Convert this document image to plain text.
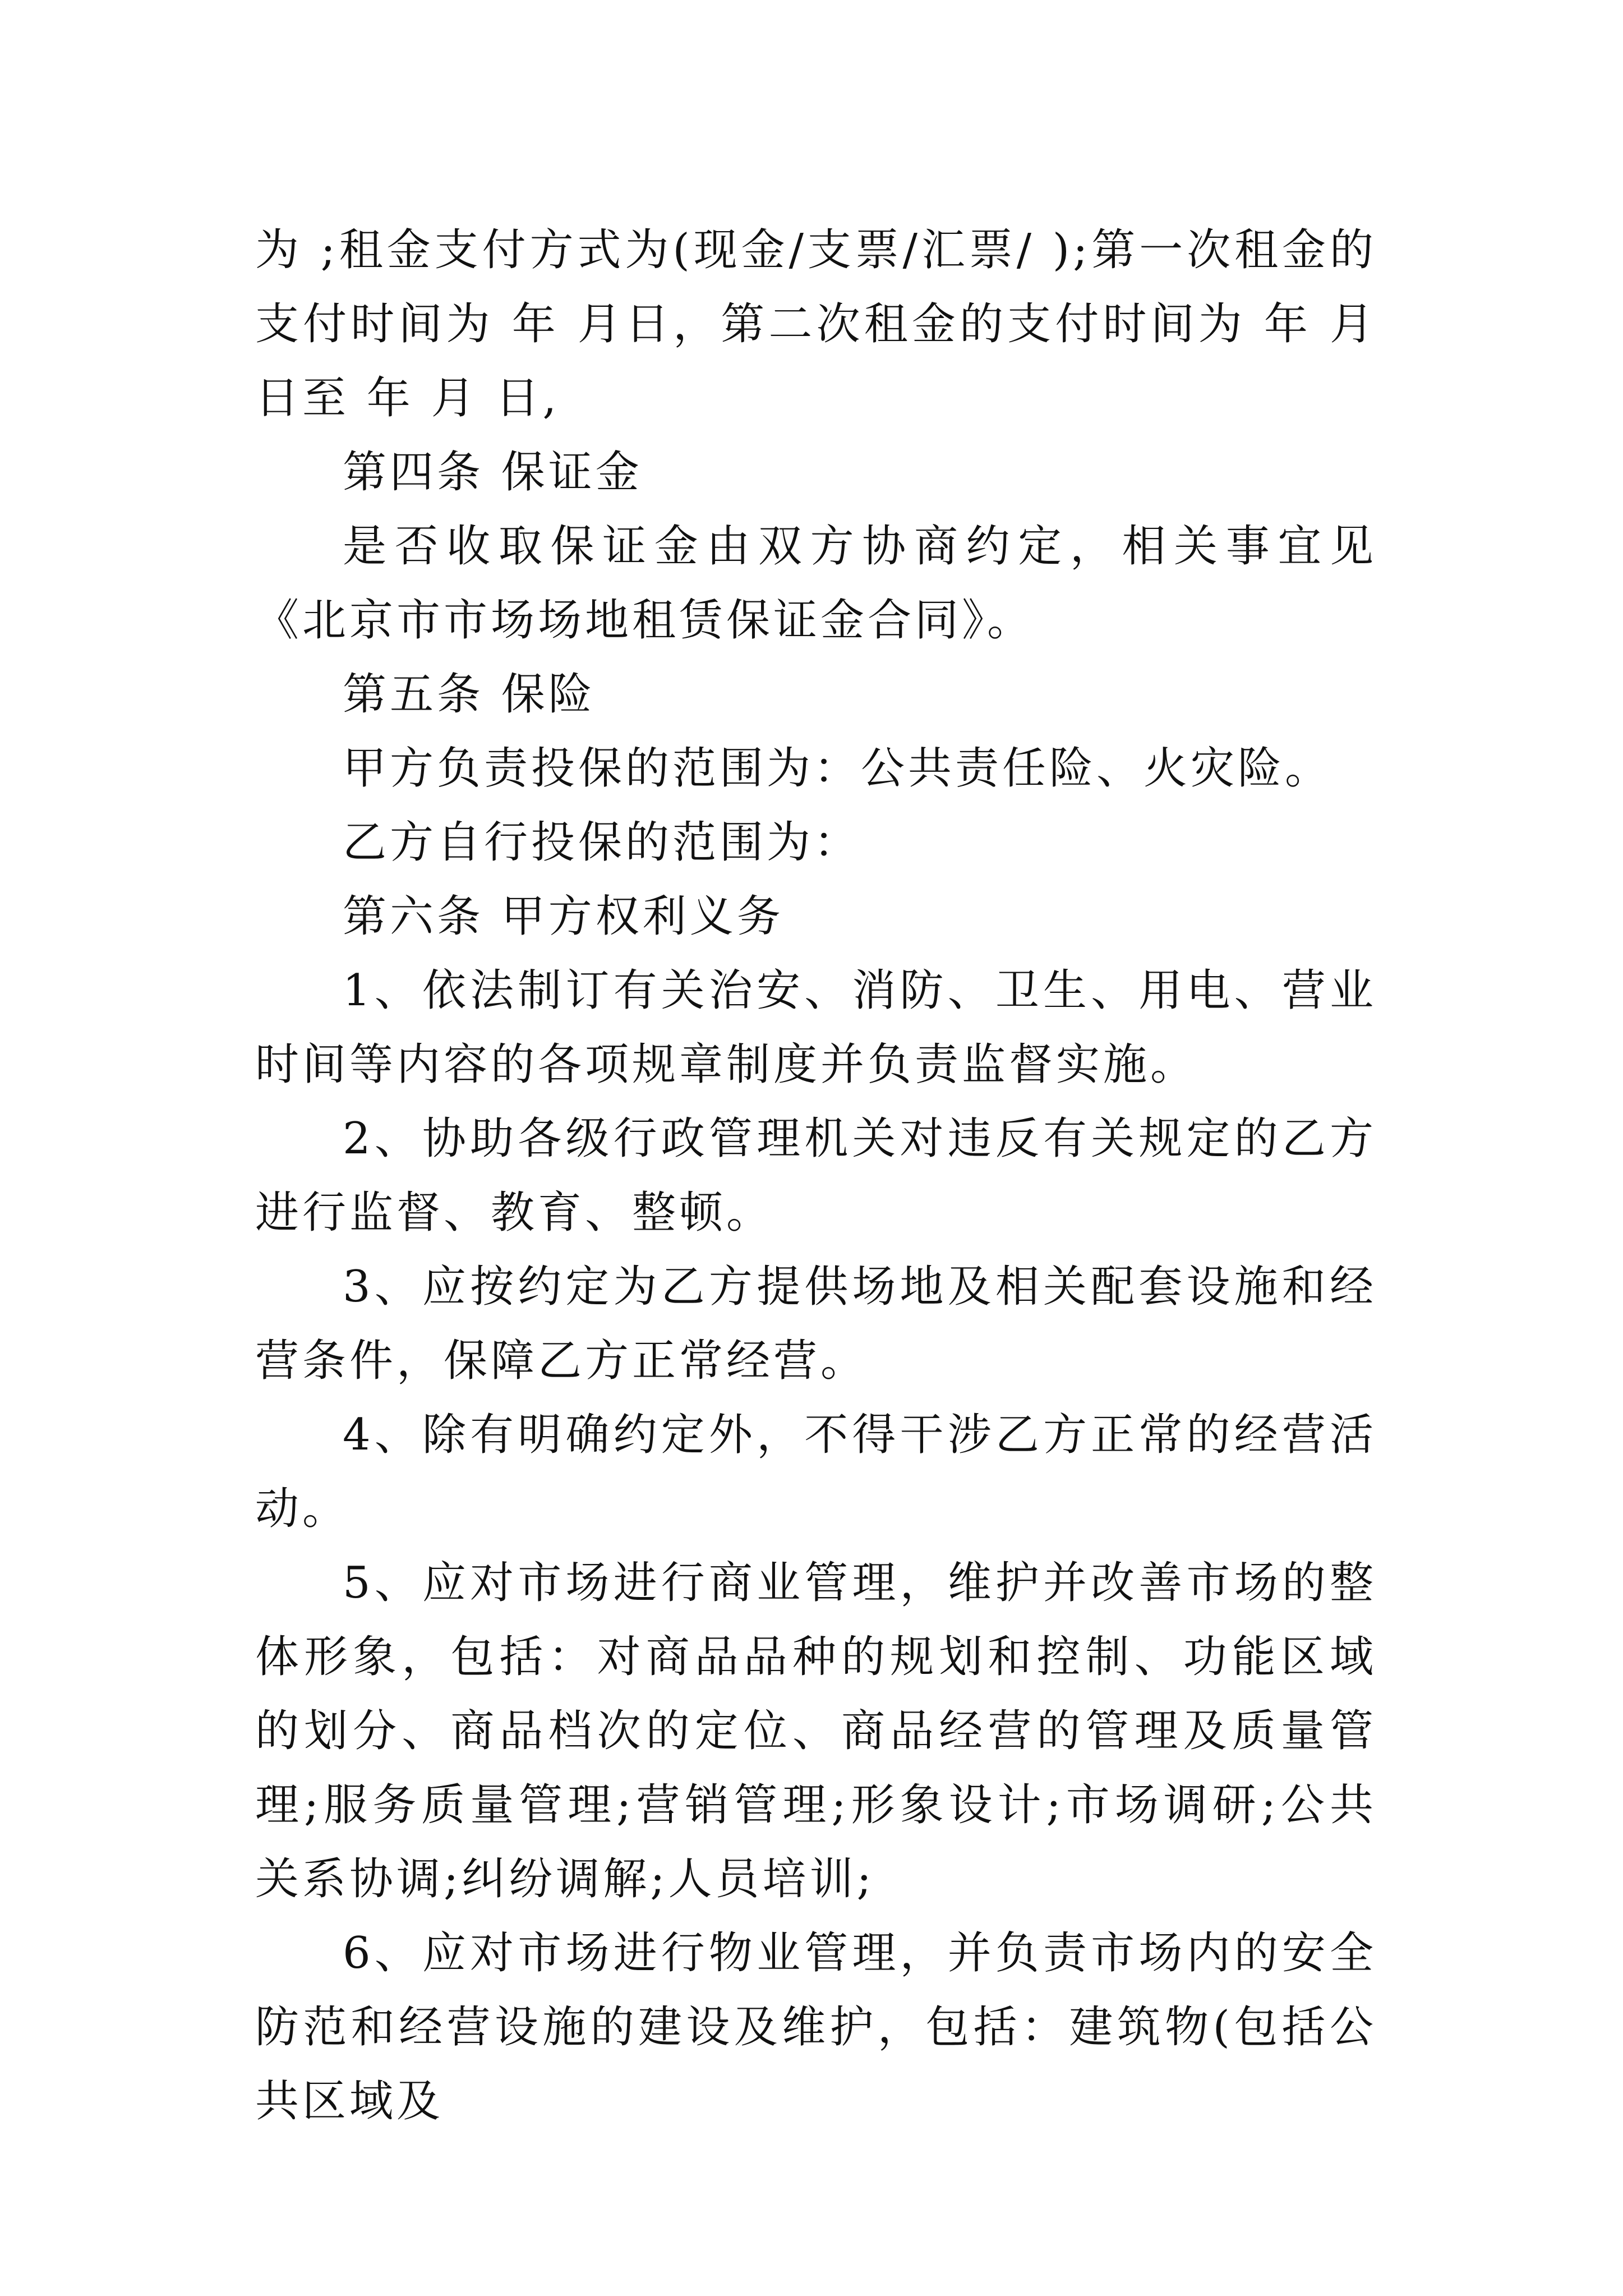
为 ;租金支付方式为(现金/支票/汇票/ );第一次租金的支付时间为 年 月日，第二次租金的支付时间为 年 月 日至 年 月 日,

第四条 保证金

是否收取保证金由双方协商约定，相关事宜见《北京市市场场地租赁保证金合同》。

第五条 保险

甲方负责投保的范围为：公共责任险、火灾险。

乙方自行投保的范围为：

第六条 甲方权利义务

1、依法制订有关治安、消防、卫生、用电、营业时间等内容的各项规章制度并负责监督实施。

2、协助各级行政管理机关对违反有关规定的乙方进行监督、教育、整顿。

3、应按约定为乙方提供场地及相关配套设施和经营条件，保障乙方正常经营。

4、除有明确约定外，不得干涉乙方正常的经营活动。

5、应对市场进行商业管理，维护并改善市场的整体形象，包括：对商品品种的规划和控制、功能区域的划分、商品档次的定位、商品经营的管理及质量管理;服务质量管理;营销管理;形象设计;市场调研;公共关系协调;纠纷调解;人员培训;

6、应对市场进行物业管理，并负责市场内的安全防范和经营设施的建设及维护，包括：建筑物(包括公共区域及
